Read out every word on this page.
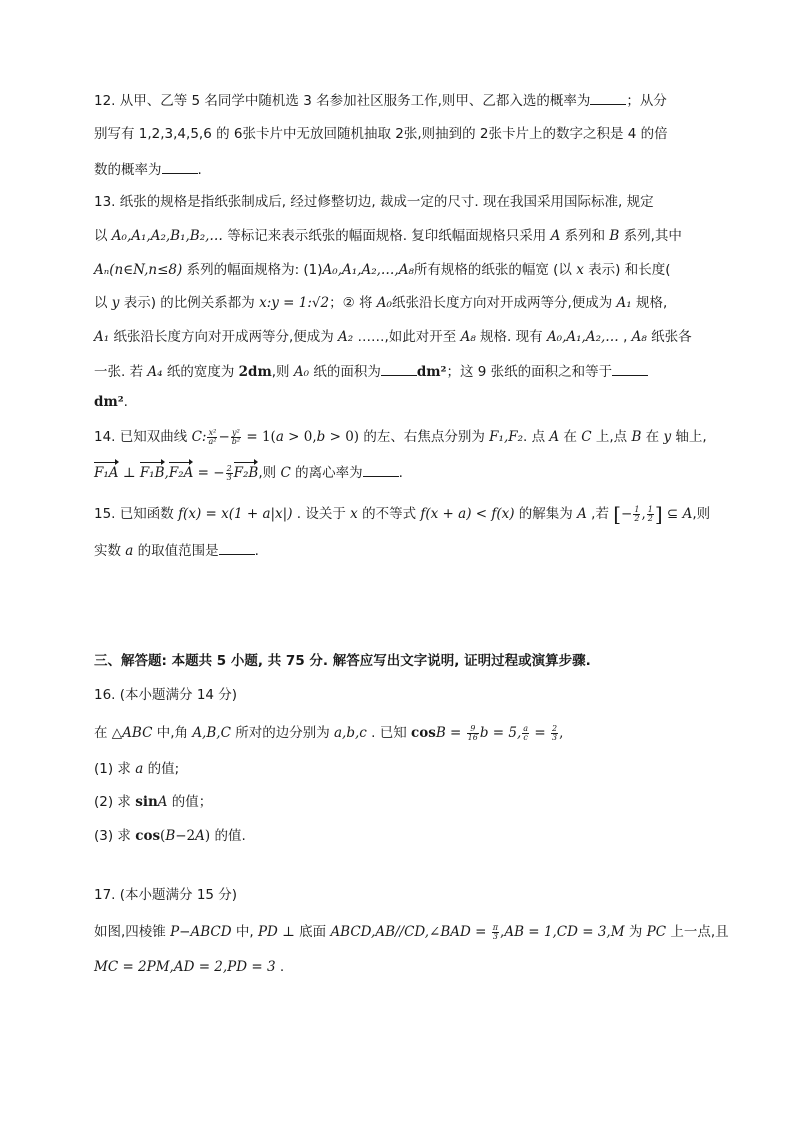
12. 从甲、乙等 5 名同学中随机选 3 名参加社区服务工作,则甲、乙都入选的概率为	；从分
别写有 1,2,3,4,5,6 的 6张卡片中无放回随机抽取 2张,则抽到的 2张卡片上的数字之积是 4 的倍
数的概率为	.
13. 纸张的规格是指纸张制成后, 经过修整切边, 裁成一定的尺寸. 现在我国采用国际标准, 规定
以 A₀,A₁,A₂,B₁,B₂,… 等标记来表示纸张的幅面规格. 复印纸幅面规格只采用 A 系列和 B 系列,其中
Aₙ(n∈N,n≤8) 系列的幅面规格为: (1)A₀,A₁,A₂,…,A₈所有规格的纸张的幅宽 (以 x 表示) 和长度(
以 y 表示) 的比例关系都为 x:y = 1:√2；② 将 A₀纸张沿长度方向对开成两等分,便成为 A₁ 规格,
A₁ 纸张沿长度方向对开成两等分,便成为 A₂ ……,如此对开至 A₈ 规格. 现有 A₀,A₁,A₂,… , A₈ 纸张各
一张. 若 A₄ 纸的宽度为 2dm,则 A₀ 纸的面积为	dm²；这 9 张纸的面积之和等于
dm².
14. 已知双曲线 C: $\frac{\text{x²}}{\text{a²}} - \frac{\text{y²}}{\text{b²}} = 1(a > 0,b > 0)$ 的左、右焦点分别为 F₁,F₂. 点 A 在 C 上,点 B 在 y 轴上,
F₁A ⊥ F₁B,F₂A = − $\frac{2}{3} F_2B$,则 C 的离心率为	.
15. 已知函数 f(x) = x(1 + a|x|) . 设关于 x 的不等式 f(x + a) < f(x) 的解集为 A ,若 [− $\frac{1}{2}$ , $\frac{1}{2}$ ] ⊆ A,则
实数 a 的取值范围是	.
三、解答题: 本题共 5 小题, 共 75 分. 解答应写出文字说明, 证明过程或演算步骤.
16. (本小题满分 14 分)
在 △ABC 中,角 A,B,C 所对的边分别为 a,b,c . 已知 $\cos B = \frac{9}{16}$ b = 5, $\frac{a}{c} = \frac{2}{3}$ ,
(1) 求 a 的值;
(2) 求 sinA 的值；
(3) 求 cos(B−2A) 的值.
17. (本小题满分 15 分)
如图,四棱锥 P−ABCD 中, PD ⊥ 底面 ABCD,AB//CD,∠BAD = $\frac{\pi}{3} ,AB = 1,CD = 3,M$ 为 PC 上一点,且
MC = 2PM,AD = 2,PD = 3 .
